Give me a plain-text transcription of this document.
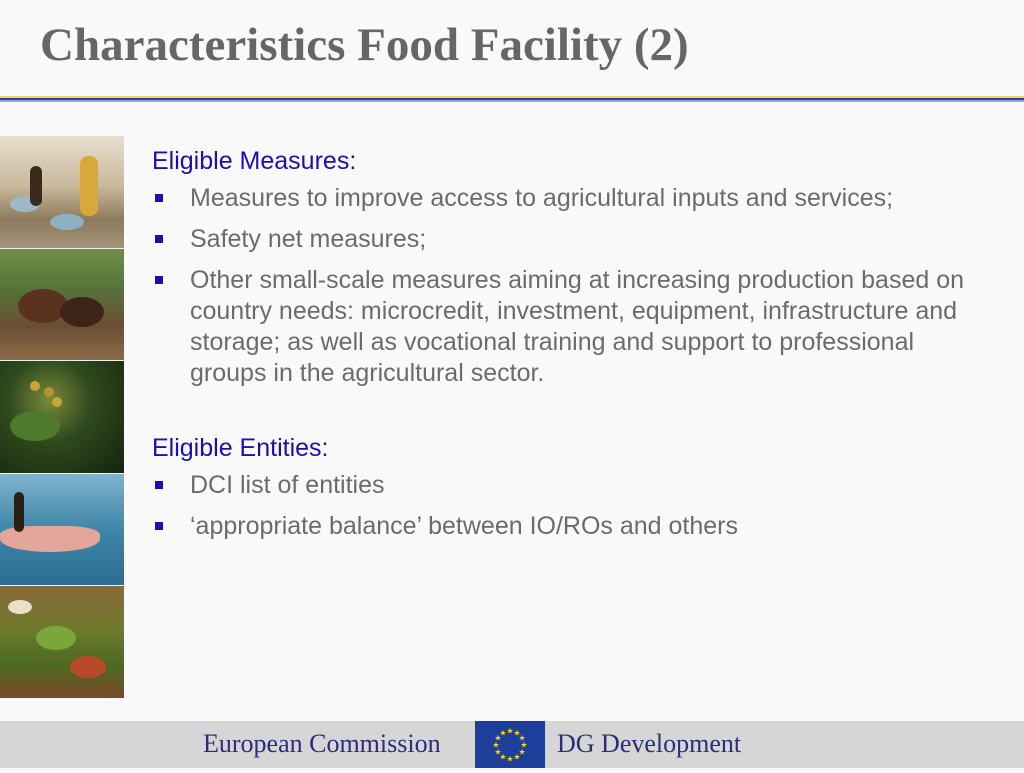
Characteristics Food Facility (2)
Eligible Measures:
Measures to improve access to agricultural inputs and services;
Safety net measures;
Other small-scale measures aiming at increasing production based on country needs: microcredit, investment, equipment, infrastructure and storage; as well as vocational training and support to professional groups in the agricultural sector.
Eligible Entities:
DCI list of entities
‘appropriate balance’ between IO/ROs and others
European Commission	★ ★
★
★
★
★
★
★
★
★
★
★ DG Development
